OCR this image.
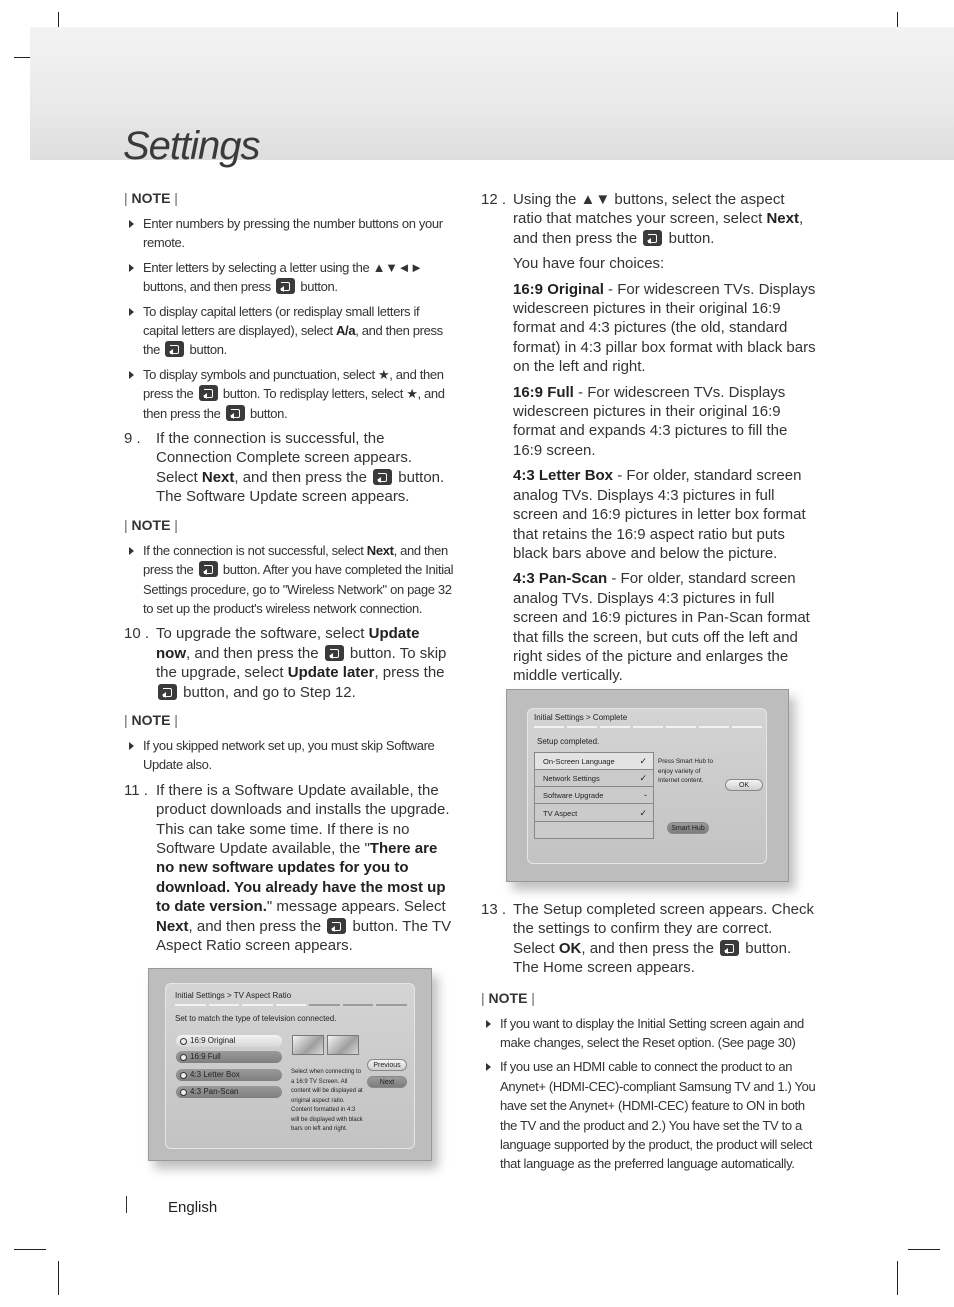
Settings
| NOTE |
Enter numbers by pressing the number buttons on your remote.
Enter letters by selecting a letter using the ▲▼◄► buttons, and then press  button.
To display capital letters (or redisplay small letters if capital letters are displayed), select A/a, and then press the  button.
To display symbols and punctuation, select ★, and then press the  button. To redisplay letters, select ★, and then press the  button.
9 .	If the connection is successful, the Connection Complete screen appears. Select Next, and then press the  button. The Software Update screen appears.
| NOTE |
If the connection is not successful, select Next, and then press the  button. After you have completed the Initial Settings procedure, go to "Wireless Network" on page 32 to set up the product's wireless network connection.
10 . To upgrade the software, select Update now, and then press the  button. To skip the upgrade, select Update later, press the
button, and go to Step 12.
| NOTE |
If you skipped network set up, you must skip Software Update also.
11 . If there is a Software Update available, the product downloads and installs the upgrade. This can take some time. If there is no Software Update available, the "There are no new software updates for you to download. You already have the most up to date version." message appears. Select Next, and then press the  button. The TV Aspect Ratio screen appears.
Initial Settings > TV Aspect Ratio
Set to match the type of television connected.
16:9 Original
16:9 Full
4:3 Letter Box
4:3 Pan-Scan
Select when connecting to a 16:9 TV Screen. All content will be displayed at original aspect ratio. Content formatted in 4:3 will be displayed with black bars on left and right.
Previous
Next
12 . Using the ▲▼ buttons, select the aspect ratio that matches your screen, select Next, and then press the  button.

You have four choices:

16:9 Original - For widescreen TVs. Displays widescreen pictures in their original 16:9 format and 4:3 pictures (the old, standard format) in 4:3 pillar box format with black bars on the left and right.

16:9 Full - For widescreen TVs. Displays widescreen pictures in their original 16:9 format and expands 4:3 pictures to fill the 16:9 screen.

4:3 Letter Box - For older, standard screen analog TVs. Displays 4:3 pictures in full screen and 16:9 pictures in letter box format that retains the 16:9 aspect ratio but puts black bars above and below the picture.

4:3 Pan-Scan - For older, standard screen analog TVs. Displays 4:3 pictures in full screen and 16:9 pictures in Pan-Scan format that fills the screen, but cuts off the left and right sides of the picture and enlarges the middle vertically.

Initial Settings > Complete
Setup completed.
On-Screen Language	✓
Network Settings	✓
Software Upgrade	-
TV Aspect	✓
Press Smart Hub to enjoy variety of Internet content.
OK
Smart Hub
13 . The Setup completed screen appears. Check the settings to confirm they are correct. Select OK, and then press the  button. The Home screen appears.
| NOTE |
If you want to display the Initial Setting screen again and make changes, select the Reset option. (See page 30)
If you use an HDMI cable to connect the product to an Anynet+ (HDMI-CEC)-compliant Samsung TV and 1.) You have set the Anynet+ (HDMI-CEC) feature to ON in both the TV and the product and 2.) You have set the TV to a language supported by the product, the product will select that language as the preferred language automatically.
English
